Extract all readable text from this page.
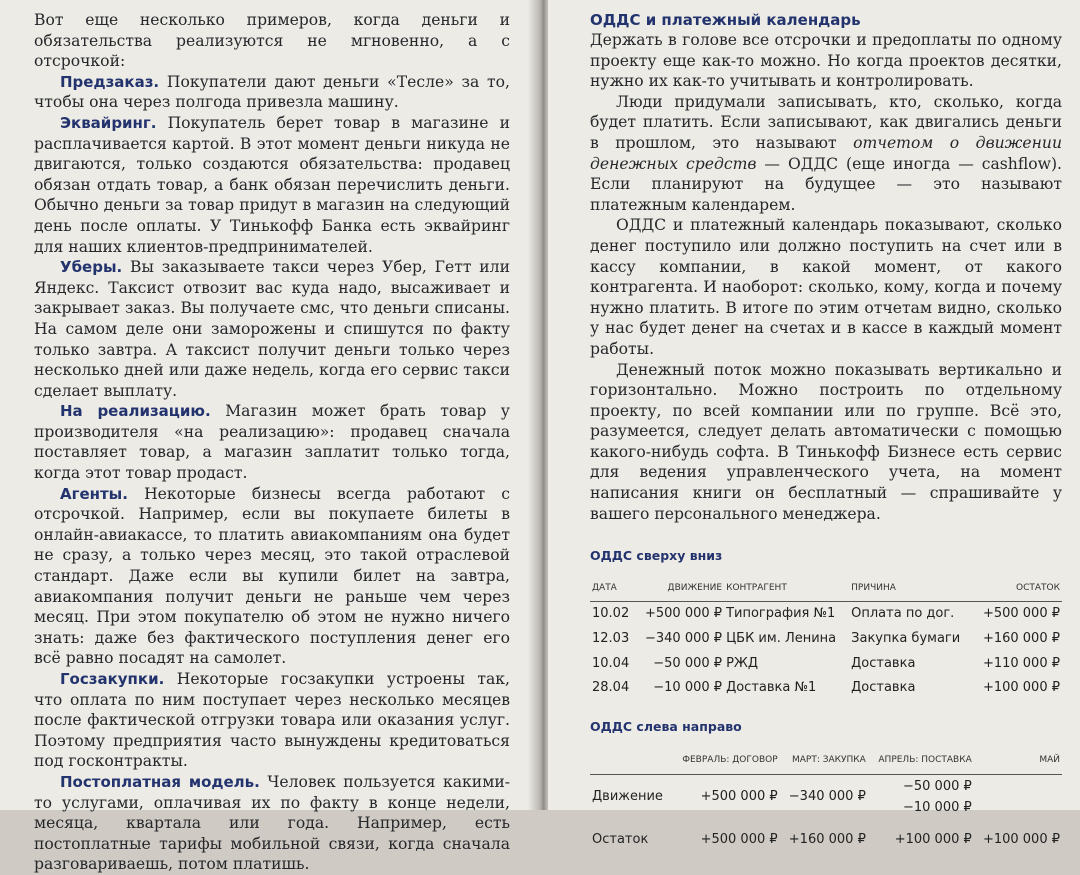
Вот еще несколько примеров, когда деньги и обязательства реализуются не мгновенно, а с отсрочкой:

Предзаказ. Покупатели дают деньги «Тесле» за то, чтобы она через полгода привезла машину.

Эквайринг. Покупатель берет товар в магазине и расплачивается картой. В этот момент деньги никуда не двигаются, только создаются обязательства: продавец обязан отдать товар, а банк обязан перечислить деньги. Обычно деньги за товар придут в магазин на следующий день после оплаты. У Тинькофф Банка есть эквайринг для наших клиентов-предпринимателей.

Уберы. Вы заказываете такси через Убер, Гетт или Яндекс. Таксист отвозит вас куда надо, высаживает и закрывает заказ. Вы получаете смс, что деньги списаны. На самом деле они заморожены и спишутся по факту только завтра. А таксист получит деньги только через несколько дней или даже недель, когда его сервис такси сделает выплату.

На реализацию. Магазин может брать товар у производителя «на реализацию»: продавец сначала поставляет товар, а магазин заплатит только тогда, когда этот товар продаст.

Агенты. Некоторые бизнесы всегда работают с отсрочкой. Например, если вы покупаете билеты в онлайн-авиакассе, то платить авиакомпаниям она будет не сразу, а только через месяц, это такой отраслевой стандарт. Даже если вы купили билет на завтра, авиакомпания получит деньги не раньше чем через месяц. При этом покупателю об этом не нужно ничего знать: даже без фактического поступления денег его всё равно посадят на самолет.

Госзакупки. Некоторые госзакупки устроены так, что оплата по ним поступает через несколько месяцев после фактической отгрузки товара или оказания услуг. Поэтому предприятия часто вынуждены кредитоваться под госконтракты.

Постоплатная модель. Человек пользуется какими-то услугами, оплачивая их по факту в конце недели, месяца, квартала или года. Например, есть постоплатные тарифы мобильной связи, когда сначала разговариваешь, потом платишь.

ОДДС и платежный календарь

Держать в голове все отсрочки и предоплаты по одному проекту еще как-то можно. Но когда проектов десятки, нужно их как-то учитывать и контролировать.

Люди придумали записывать, кто, сколько, когда будет платить. Если записывают, как двигались деньги в прошлом, это называют отчетом о движении денежных средств — ОДДС (еще иногда — cashflow). Если планируют на будущее — это называют платежным календарем.

ОДДС и платежный календарь показывают, сколько денег поступило или должно поступить на счет или в кассу компании, в какой момент, от какого контрагента. И наоборот: сколько, кому, когда и почему нужно платить. В итоге по этим отчетам видно, сколько у нас будет денег на счетах и в кассе в каждый момент работы.

Денежный поток можно показывать вертикально и горизонтально. Можно построить по отдельному проекту, по всей компании или по группе. Всё это, разумеется, следует делать автоматически с помощью какого-нибудь софта. В Тинькофф Бизнесе есть сервис для ведения управленческого учета, на момент написания книги он бесплатный — спрашивайте у вашего персонального менеджера.

ОДДС сверху вниз

ДАТА	ДВИЖЕНИЕ	КОНТРАГЕНТ	ПРИЧИНА	ОСТАТОК
10.02	+500 000 ₽	Типография №1	Оплата по дог.	+500 000 ₽
12.03	−340 000 ₽	ЦБК им. Ленина	Закупка бумаги	+160 000 ₽
10.04	−50 000 ₽	РЖД	Доставка	+110 000 ₽
28.04	−10 000 ₽	Доставка №1	Доставка	+100 000 ₽

ОДДС слева направо

	ФЕВРАЛЬ: ДОГОВОР	МАРТ: ЗАКУПКА	АПРЕЛЬ: ПОСТАВКА	МАЙ
Движение	+500 000 ₽	−340 000 ₽	−50 000 ₽
−10 000 ₽	

Остаток	+500 000 ₽	+160 000 ₽	+100 000 ₽	+100 000 ₽
